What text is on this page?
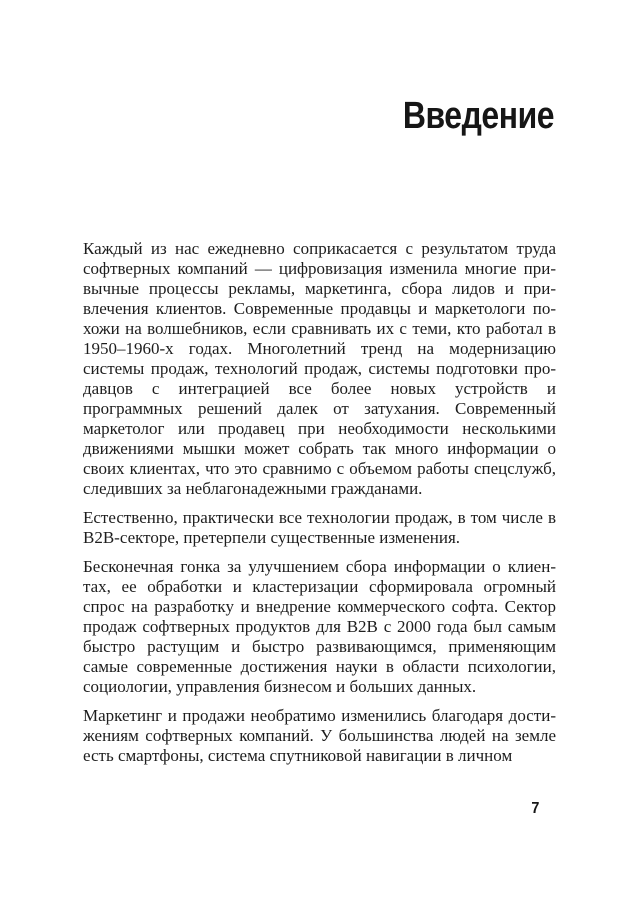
Введение

Каждый из нас ежедневно соприкасается с результатом труда софтверных компаний — цифровизация изменила многие привычные процессы рекламы, маркетинга, сбора лидов и привлечения клиентов. Современные продавцы и маркетологи похожи на волшебников, если сравнивать их с теми, кто работал в 1950–1960-х годах. Многолетний тренд на модернизацию системы продаж, технологий продаж, системы подготовки продавцов с интеграцией все более новых устройств и программных решений далек от затухания. Современный маркетолог или продавец при необходимости несколькими движениями мышки может собрать так много информации о своих клиентах, что это сравнимо с объемом работы спецслужб, следивших за неблагонадежными гражданами.

Естественно, практически все технологии продаж, в том числе в B2B-секторе, претерпели существенные изменения.

Бесконечная гонка за улучшением сбора информации о клиентах, ее обработки и кластеризации сформировала огромный спрос на разработку и внедрение коммерческого софта. Сектор продаж софтверных продуктов для B2B с 2000 года был самым быстро растущим и быстро развивающимся, применяющим самые современные достижения науки в области психологии, социологии, управления бизнесом и больших данных.

Маркетинг и продажи необратимо изменились благодаря достижениям софтверных компаний. У большинства людей на земле есть смартфоны, система спутниковой навигации в личном

7
